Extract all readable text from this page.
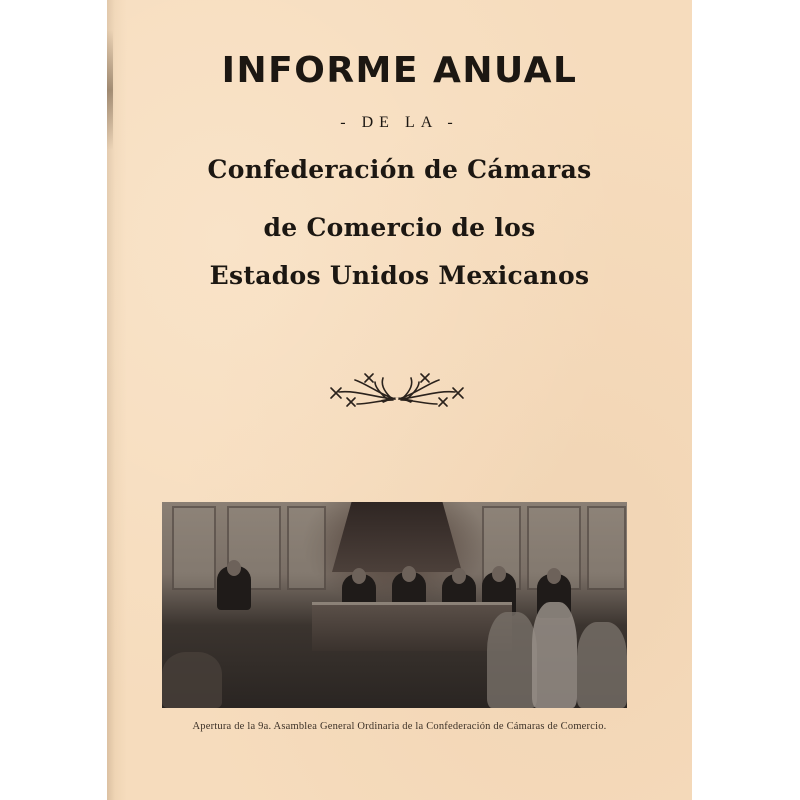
INFORME ANUAL
- DE LA -
Confederación de Cámaras
de Comercio de los
Estados Unidos Mexicanos
Apertura de la 9a. Asamblea General Ordinaria de la Confederación de Cámaras de Comercio.
